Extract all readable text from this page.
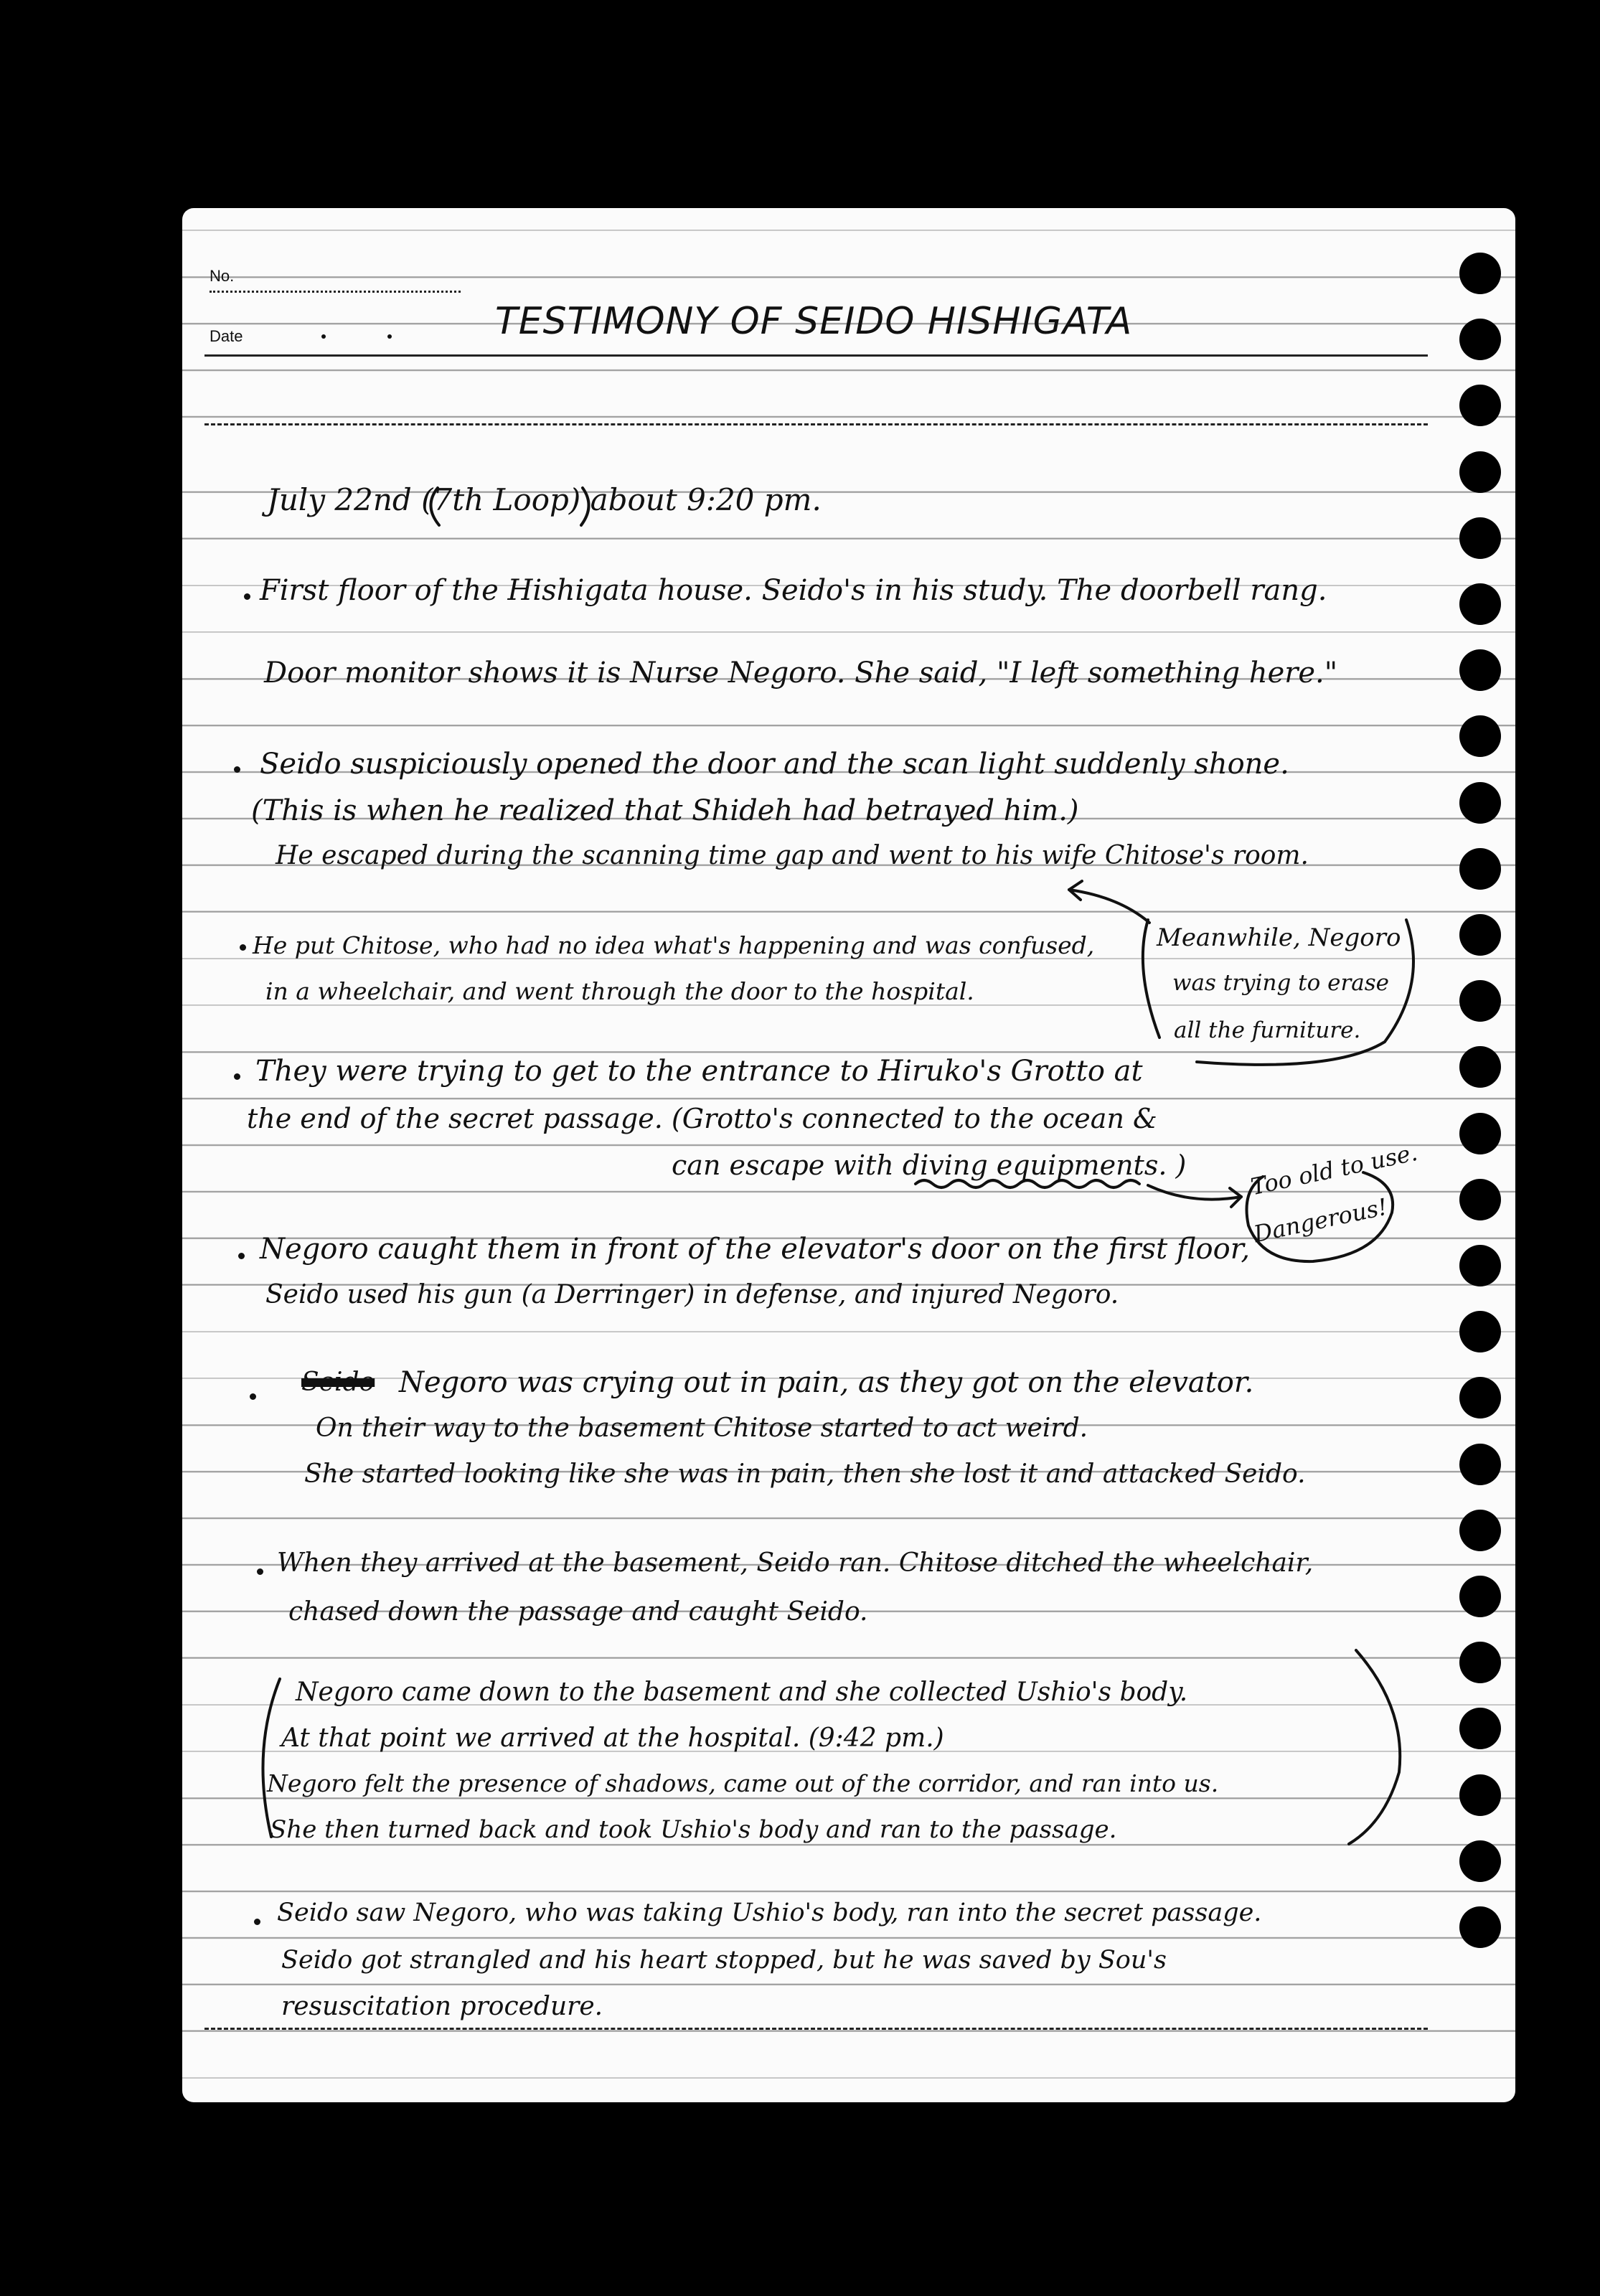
No.
Date	TESTIMONY OF SEIDO HISHIGATA
July 22nd (7th Loop) about 9:20 pm.
First floor of the Hishigata house. Seido's in his study. The doorbell rang.
Door monitor shows it is Nurse Negoro. She said, "I left something here."
Seido suspiciously opened the door and the scan light suddenly shone.
(This is when he realized that Shideh had betrayed him.)
He escaped during the scanning time gap and went to his wife Chitose's room.
He put Chitose, who had no idea what's happening and was confused,
in a wheelchair, and went through the door to the hospital.
Meanwhile, Negoro
was trying to erase
all the furniture.
They were trying to get to the entrance to Hiruko's Grotto at
the end of the secret passage. (Grotto's connected to the ocean &
can escape with diving equipments. )	Too old to use.
Dangerous!
Negoro caught them in front of the elevator's door on the first floor,
Seido used his gun (a Derringer) in defense, and injured Negoro.
Seido Negoro was crying out in pain, as they got on the elevator.
On their way to the basement Chitose started to act weird.
She started looking like she was in pain, then she lost it and attacked Seido.
When they arrived at the basement, Seido ran. Chitose ditched the wheelchair,
chased down the passage and caught Seido.
Negoro came down to the basement and she collected Ushio's body.
At that point we arrived at the hospital. (9:42 pm.)
Negoro felt the presence of shadows, came out of the corridor, and ran into us.
She then turned back and took Ushio's body and ran to the passage.
Seido saw Negoro, who was taking Ushio's body, ran into the secret passage.
Seido got strangled and his heart stopped, but he was saved by Sou's
resuscitation procedure.
